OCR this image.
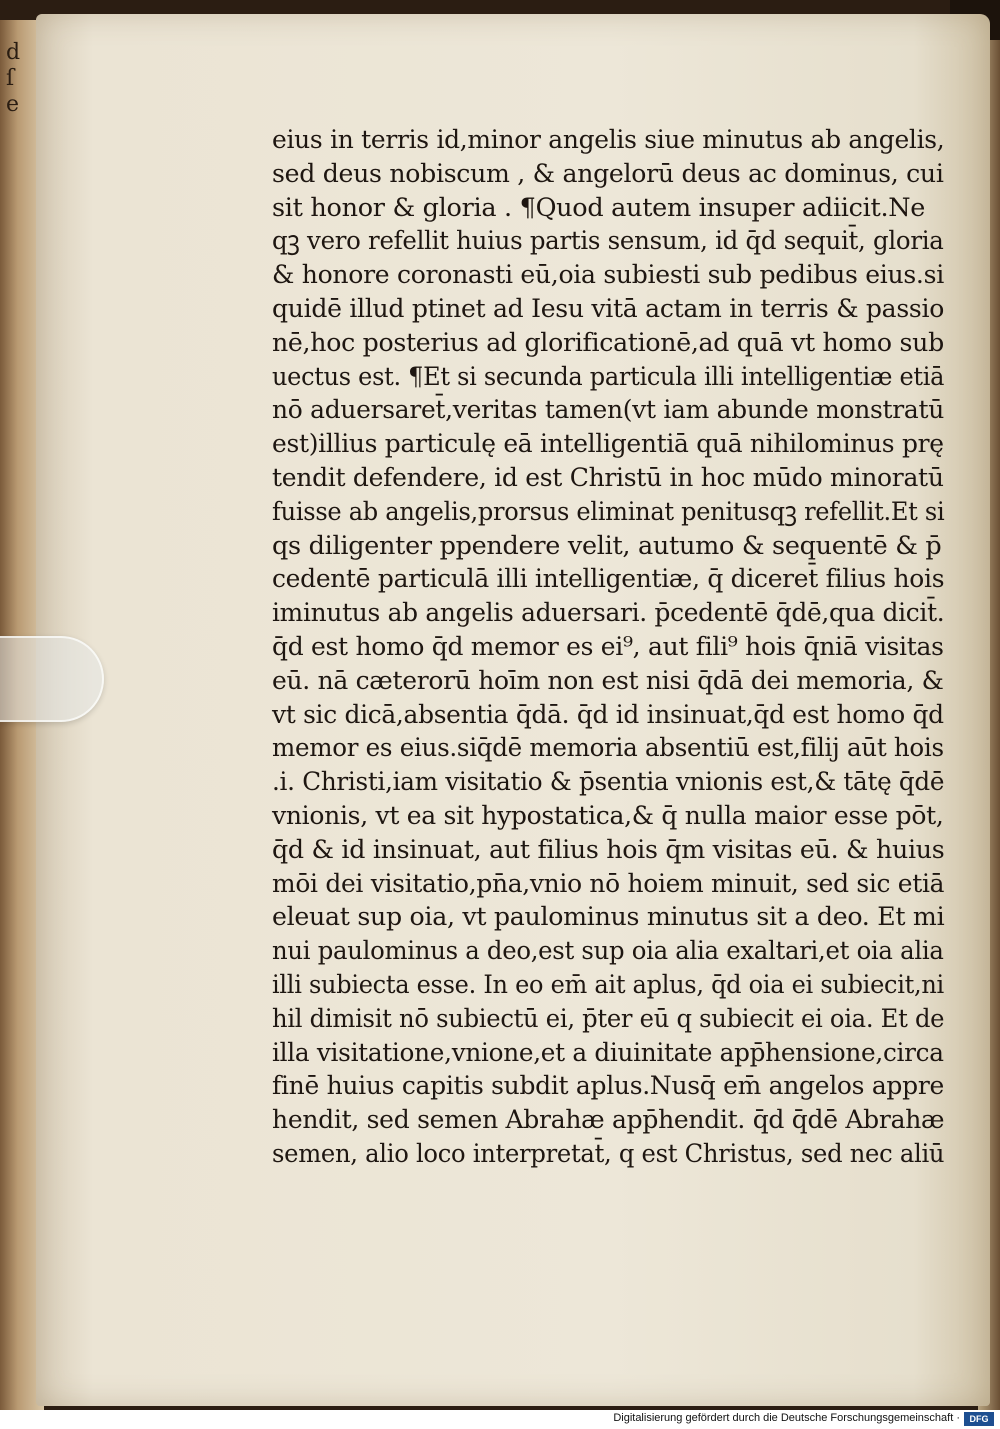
d
ſ
e
eius in terris id,minor angelis siue minutus ab angelis,
sed deus nobiscum , & angelorū deus ac dominus, cui
sit honor & gloria . ¶Quod autem insuper adiicit.Ne
qꝫ vero refellit huius partis sensum, id q̄d sequit̄, gloria
& honore coronasti eū,oia subiesti sub pedibus eius.si
quidē illud ptinet ad Iesu vitā actam in terris & passio
nē,hoc posterius ad glorificationē,ad quā vt homo sub
uectus est. ¶Et si secunda particula illi intelligentiæ etiā
nō aduersaret̄,veritas tamen(vt iam abunde monstratū
est)illius particulę eā intelligentiā quā nihilominus prę
tendit defendere, id est Christū in hoc mūdo minoratū
fuisse ab angelis,prorsus eliminat penitusqꝫ refellit.Et si
qs diligenter ppendere velit, autumo & sequentē & p̄
cedentē particulā illi intelligentiæ, q̄ diceret̄ filius hois
iminutus ab angelis aduersari. p̄cedentē q̄dē,qua dicit̄.
q̄d est homo q̄d memor es ei⁹, aut fili⁹ hois q̄niā visitas
eū. nā cæterorū hoīm non est nisi q̄dā dei memoria, &
vt sic dicā,absentia q̄dā. q̄d id insinuat,q̄d est homo q̄d
memor es eius.siq̄dē memoria absentiū est,filij aūt hois
.i. Christi,iam visitatio & p̄sentia vnionis est,& tātę q̄dē
vnionis, vt ea sit hypostatica,& q̄ nulla maior esse pōt,
q̄d & id insinuat, aut filius hois q̄m visitas eū. & huius
mōi dei visitatio,pn̄a,vnio nō hoiem minuit, sed sic etiā
eleuat sup oia, vt paulominus minutus sit a deo. Et mi
nui paulominus a deo,est sup oia alia exaltari,et oia alia
illi subiecta esse. In eo em̄ ait aplus, q̄d oia ei subiecit,ni
hil dimisit nō subiectū ei, p̄ter eū q subiecit ei oia. Et de
illa visitatione,vnione,et a diuinitate app̄hensione,circa
finē huius capitis subdit aplus.Nusq̄ em̄ angelos appre
hendit, sed semen Abrahæ app̄hendit. q̄d q̄dē Abrahæ
semen, alio loco interpretat̄, q est Christus, sed nec aliū
Digitalisierung gefördert durch die Deutsche Forschungsgemeinschaft ·	DFG
